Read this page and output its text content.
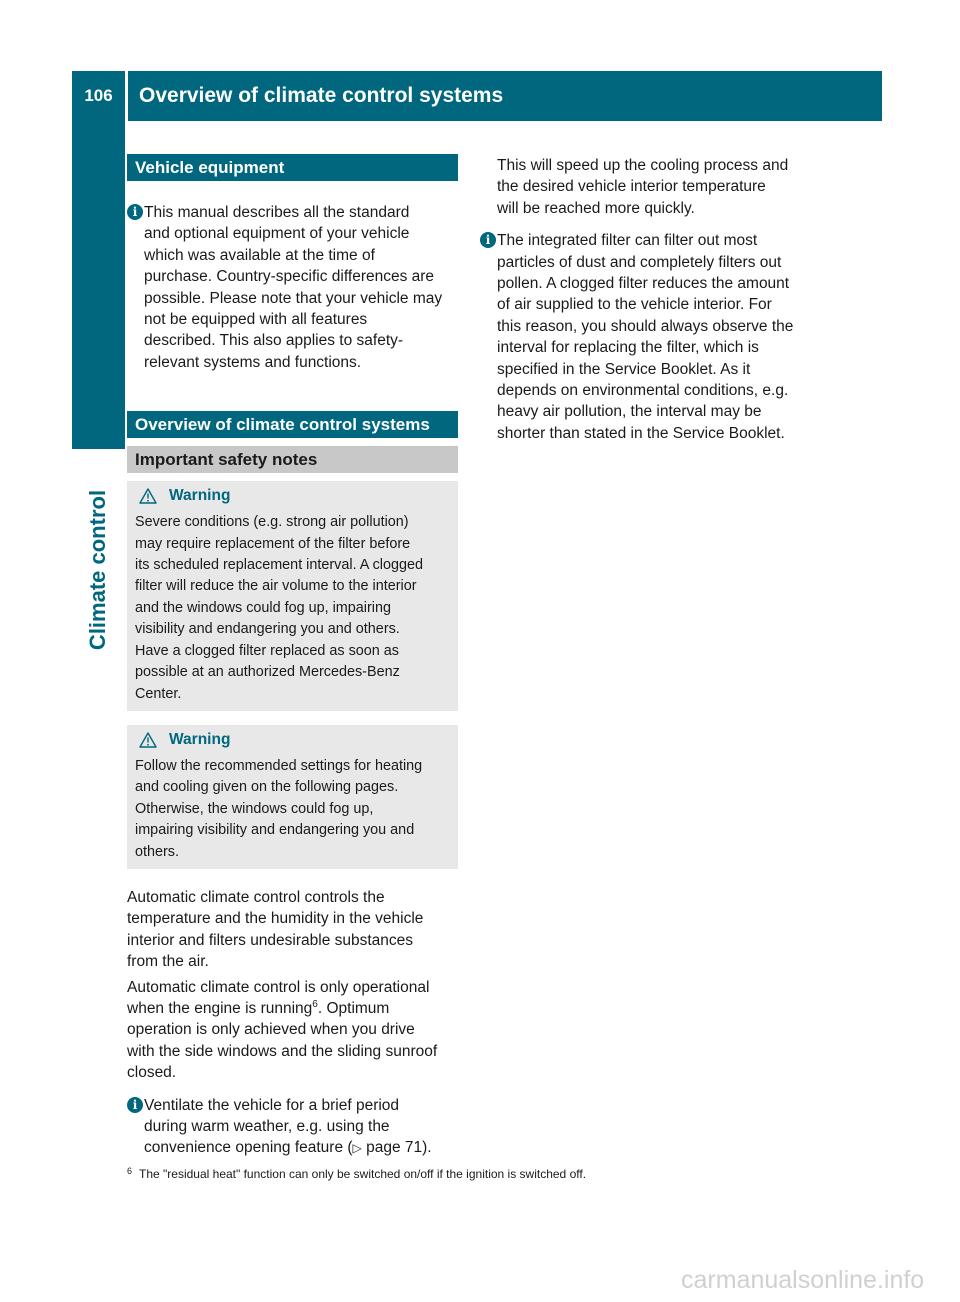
106	Overview of climate control systems
Climate control
Vehicle equipment
i This manual describes all the standard
and optional equipment of your vehicle
which was available at the time of
purchase. Country-specific differences are
possible. Please note that your vehicle may
not be equipped with all features
described. This also applies to safety-
relevant systems and functions.
Overview of climate control systems
Important safety notes
Warning
Severe conditions (e.g. strong air pollution)
may require replacement of the filter before
its scheduled replacement interval. A clogged
filter will reduce the air volume to the interior
and the windows could fog up, impairing
visibility and endangering you and others.
Have a clogged filter replaced as soon as
possible at an authorized Mercedes-Benz
Center.
Warning
Follow the recommended settings for heating
and cooling given on the following pages.
Otherwise, the windows could fog up,
impairing visibility and endangering you and
others.
Automatic climate control controls the
temperature and the humidity in the vehicle
interior and filters undesirable substances
from the air.
Automatic climate control is only operational
when the engine is running$^6$. Optimum
operation is only achieved when you drive
with the side windows and the sliding sunroof
closed.
i Ventilate the vehicle for a brief period
during warm weather, e.g. using the
convenience opening feature (▷ page 71).
This will speed up the cooling process and
the desired vehicle interior temperature
will be reached more quickly.
i The integrated filter can filter out most
particles of dust and completely filters out
pollen. A clogged filter reduces the amount
of air supplied to the vehicle interior. For
this reason, you should always observe the
interval for replacing the filter, which is
specified in the Service Booklet. As it
depends on environmental conditions, e.g.
heavy air pollution, the interval may be
shorter than stated in the Service Booklet.
$^6$ The "residual heat" function can only be switched on/off if the ignition is switched off.
carmanualsonline.info
